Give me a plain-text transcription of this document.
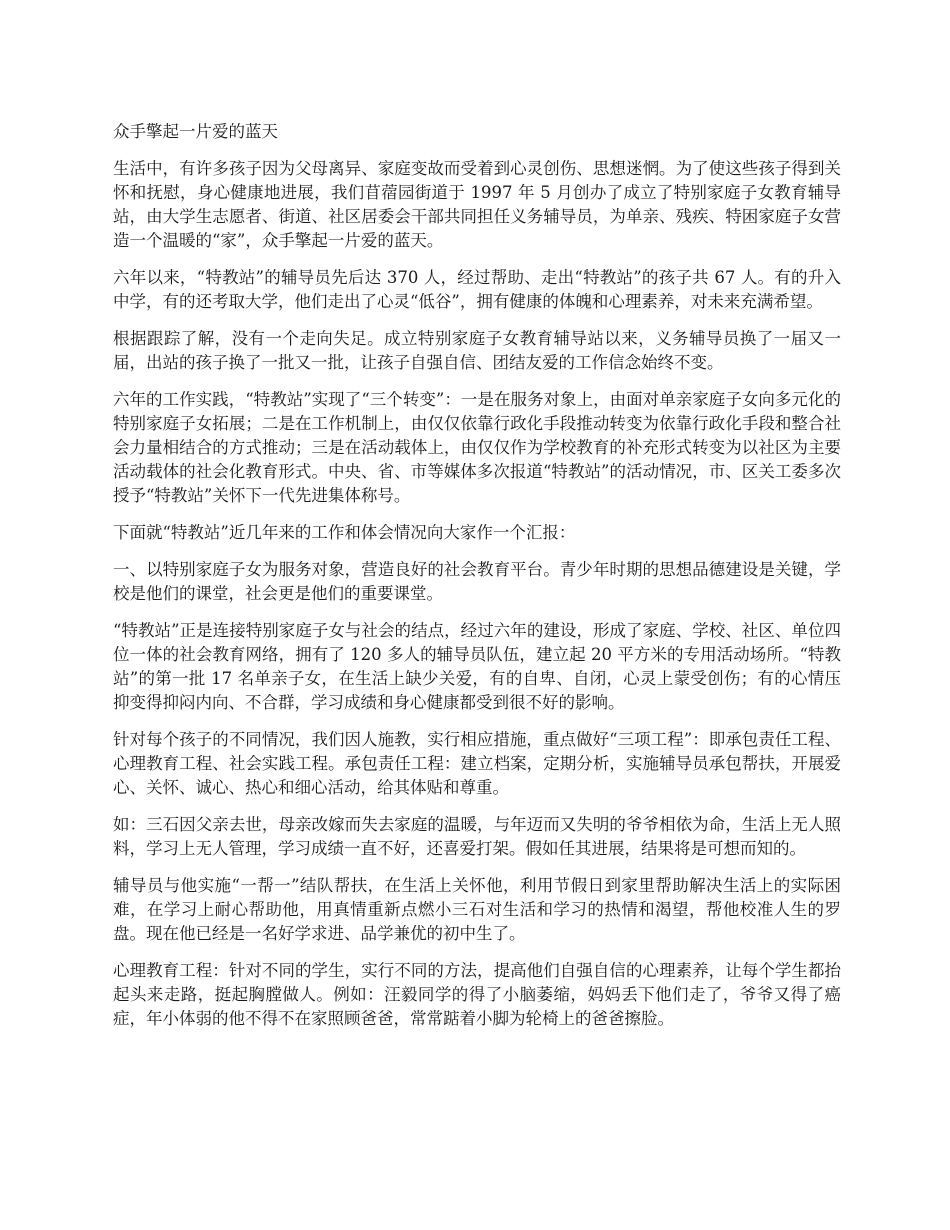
众手擎起一片爱的蓝天

生活中，有许多孩子因为父母离异、家庭变故而受着到心灵创伤、思想迷惘。为了使这些孩子得到关怀和抚慰，身心健康地进展，我们苜蓿园街道于 1997 年 5 月创办了成立了特别家庭子女教育辅导站，由大学生志愿者、街道、社区居委会干部共同担任义务辅导员，为单亲、残疾、特困家庭子女营造一个温暖的“家”，众手擎起一片爱的蓝天。

六年以来，“特教站”的辅导员先后达 370 人，经过帮助、走出“特教站”的孩子共 67 人。有的升入中学，有的还考取大学，他们走出了心灵“低谷”，拥有健康的体魄和心理素养，对未来充满希望。

根据跟踪了解，没有一个走向失足。成立特别家庭子女教育辅导站以来，义务辅导员换了一届又一届，出站的孩子换了一批又一批，让孩子自强自信、团结友爱的工作信念始终不变。

六年的工作实践，“特教站”实现了“三个转变”：一是在服务对象上，由面对单亲家庭子女向多元化的特别家庭子女拓展；二是在工作机制上，由仅仅依靠行政化手段推动转变为依靠行政化手段和整合社会力量相结合的方式推动；三是在活动载体上，由仅仅作为学校教育的补充形式转变为以社区为主要活动载体的社会化教育形式。中央、省、市等媒体多次报道“特教站”的活动情况，市、区关工委多次授予“特教站”关怀下一代先进集体称号。

下面就“特教站”近几年来的工作和体会情况向大家作一个汇报：

一、以特别家庭子女为服务对象，营造良好的社会教育平台。青少年时期的思想品德建设是关键，学校是他们的课堂，社会更是他们的重要课堂。

“特教站”正是连接特别家庭子女与社会的结点，经过六年的建设，形成了家庭、学校、社区、单位四位一体的社会教育网络，拥有了 120 多人的辅导员队伍，建立起 20 平方米的专用活动场所。“特教站”的第一批 17 名单亲子女，在生活上缺少关爱，有的自卑、自闭，心灵上蒙受创伤；有的心情压抑变得抑闷内向、不合群，学习成绩和身心健康都受到很不好的影响。

针对每个孩子的不同情况，我们因人施教，实行相应措施，重点做好“三项工程”：即承包责任工程、心理教育工程、社会实践工程。承包责任工程：建立档案，定期分析，实施辅导员承包帮扶，开展爱心、关怀、诚心、热心和细心活动，给其体贴和尊重。

如：三石因父亲去世，母亲改嫁而失去家庭的温暖，与年迈而又失明的爷爷相依为命，生活上无人照料，学习上无人管理，学习成绩一直不好，还喜爱打架。假如任其进展，结果将是可想而知的。

辅导员与他实施“一帮一”结队帮扶，在生活上关怀他，利用节假日到家里帮助解决生活上的实际困难，在学习上耐心帮助他，用真情重新点燃小三石对生活和学习的热情和渴望，帮他校准人生的罗盘。现在他已经是一名好学求进、品学兼优的初中生了。

心理教育工程：针对不同的学生，实行不同的方法，提高他们自强自信的心理素养，让每个学生都抬起头来走路，挺起胸膛做人。例如：汪毅同学的得了小脑萎缩，妈妈丢下他们走了，爷爷又得了癌症，年小体弱的他不得不在家照顾爸爸，常常踮着小脚为轮椅上的爸爸擦脸。
